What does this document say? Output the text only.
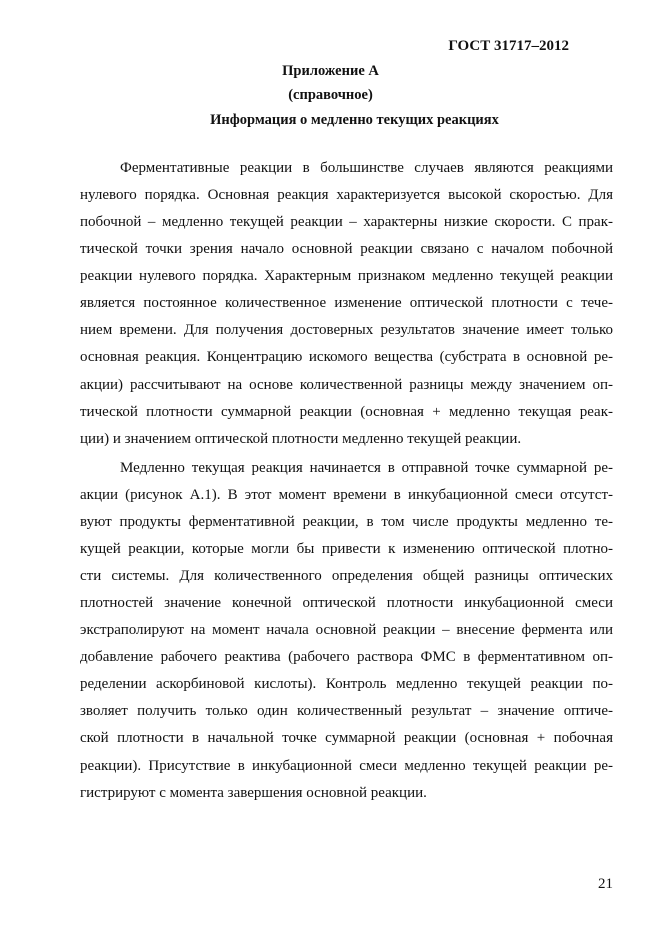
ГОСТ 31717–2012
Приложение А
(справочное)
Информация о медленно текущих реакциях
Ферментативные реакции в большинстве случаев являются реакциями
нулевого порядка. Основная реакция характеризуется высокой скоростью. Для
побочной – медленно текущей реакции – характерны низкие скорости. С прак-
тической точки зрения начало основной реакции связано с началом побочной
реакции нулевого порядка. Характерным признаком медленно текущей реакции
является постоянное количественное изменение оптической плотности с тече-
нием времени. Для получения достоверных результатов значение имеет только
основная реакция. Концентрацию искомого вещества (субстрата в основной ре-
акции) рассчитывают на основе количественной разницы между значением оп-
тической плотности суммарной реакции (основная + медленно текущая реак-
ции) и значением оптической плотности медленно текущей реакции.
Медленно текущая реакция начинается в отправной точке суммарной ре-
акции (рисунок А.1). В этот момент времени в инкубационной смеси отсутст-
вуют продукты ферментативной реакции, в том числе продукты медленно те-
кущей реакции, которые могли бы привести к изменению оптической плотно-
сти системы. Для количественного определения общей разницы оптических
плотностей значение конечной оптической плотности инкубационной смеси
экстраполируют на момент начала основной реакции – внесение фермента или
добавление рабочего реактива (рабочего раствора ФМС в ферментативном оп-
ределении аскорбиновой кислоты). Контроль медленно текущей реакции по-
зволяет получить только один количественный результат – значение оптиче-
ской плотности в начальной точке суммарной реакции (основная + побочная
реакции). Присутствие в инкубационной смеси медленно текущей реакции ре-
гистрируют с момента завершения основной реакции.
21
